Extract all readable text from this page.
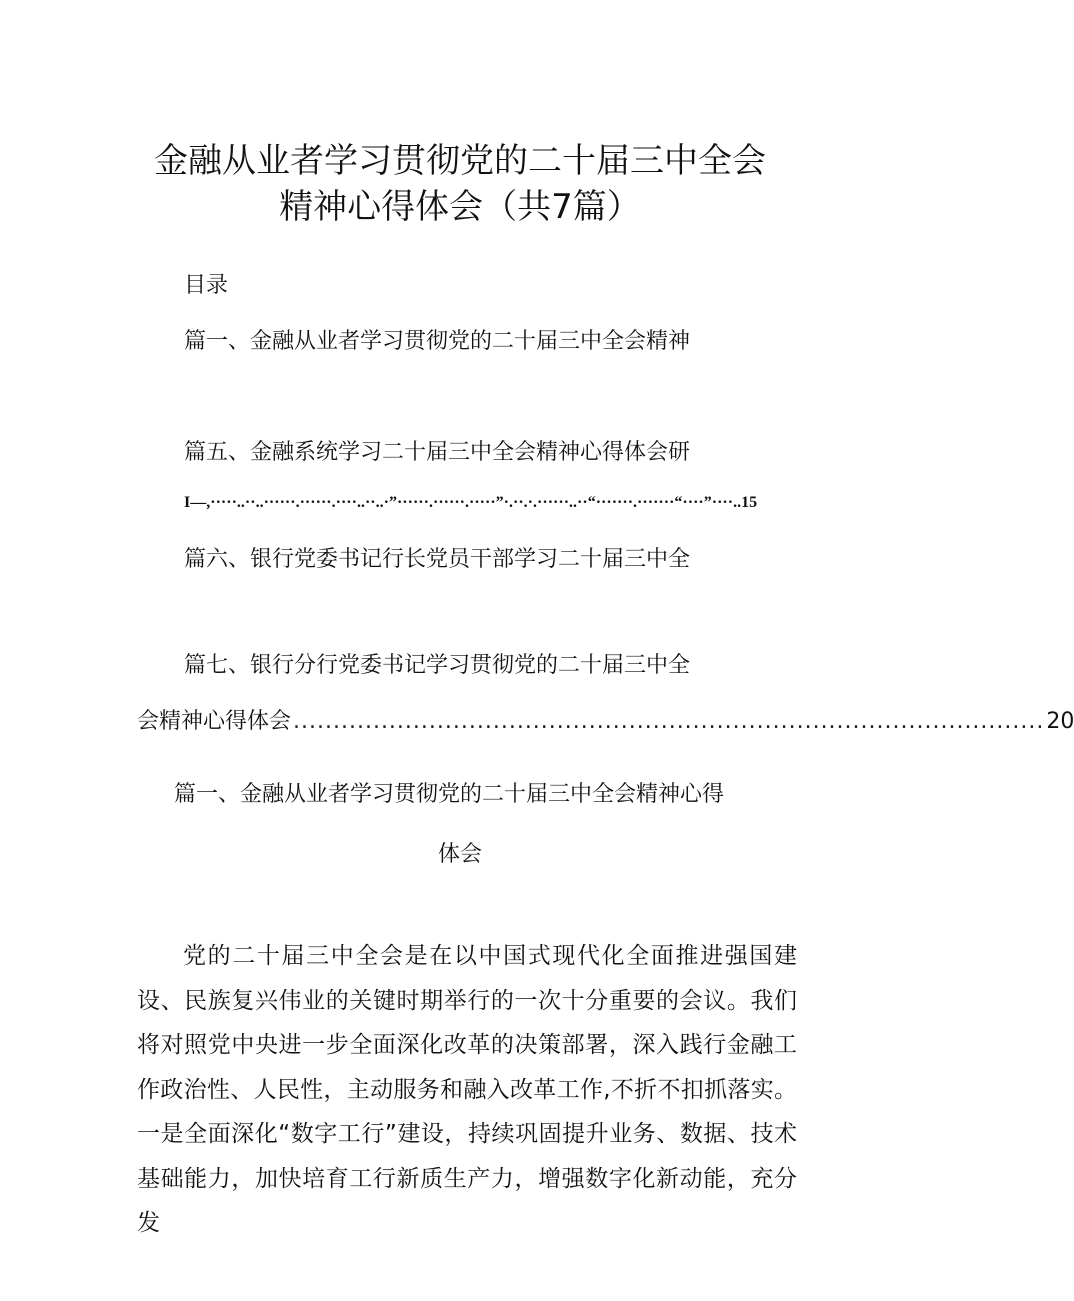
金融从业者学习贯彻党的二十届三中全会
精神心得体会（共7篇）
目录
篇一、金融从业者学习贯彻党的二十届三中全会精神
篇五、金融系统学习二十届三中全会精神心得体会研
I—,·····..··..······.······.····..··..·”······.······.·····”·.··.·.······..··“·······.·······“····”····..15
篇六、银行党委书记行长党员干部学习二十届三中全
篇七、银行分行党委书记学习贯彻党的二十届三中全
会精神心得体会 .............................................................................................. 20
篇一、金融从业者学习贯彻党的二十届三中全会精神心得
体会
党的二十届三中全会是在以中国式现代化全面推进强国建设、民族复兴伟业的关键时期举行的一次十分重要的会议。我们将对照党中央进一步全面深化改革的决策部署，深入践行金融工作政治性、人民性，主动服务和融入改革工作,不折不扣抓落实。一是全面深化“数字工行”建设，持续巩固提升业务、数据、技术基础能力，加快培育工行新质生产力，增强数字化新动能，充分发
